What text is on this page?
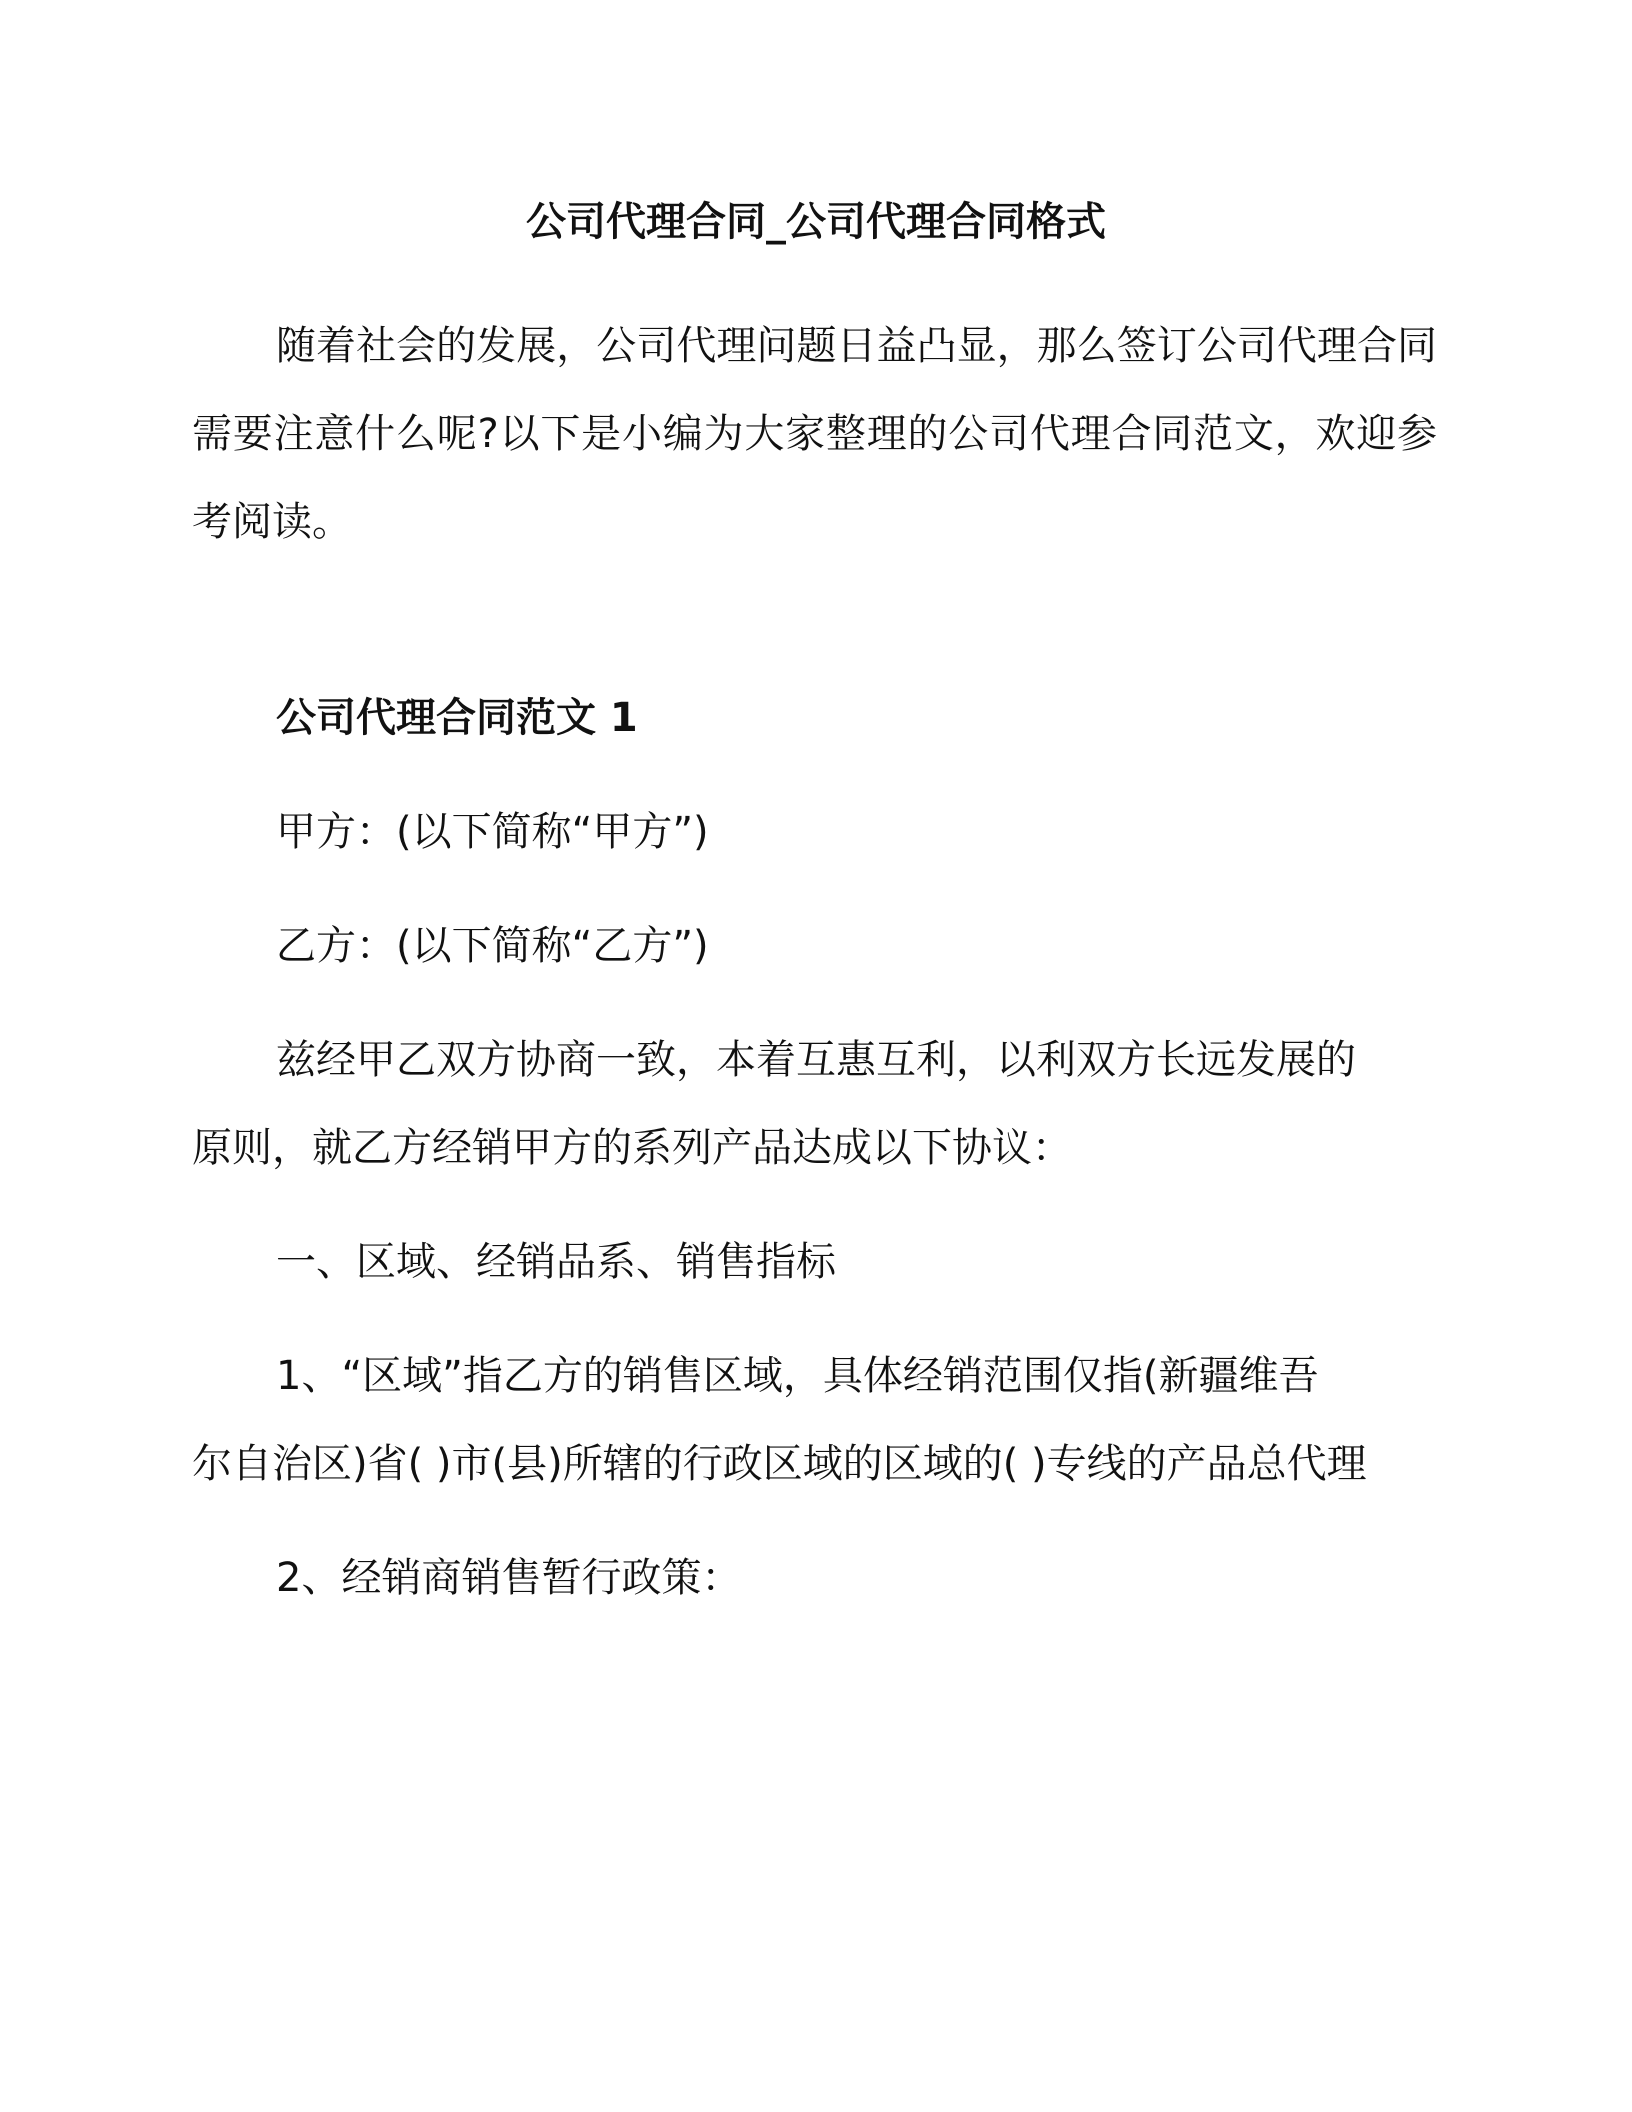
公司代理合同_公司代理合同格式
随着社会的发展，公司代理问题日益凸显，那么签订公司代理合同需要注意什么呢?以下是小编为大家整理的公司代理合同范文，欢迎参考阅读。
公司代理合同范文 1
甲方：(以下简称“甲方”)
乙方：(以下简称“乙方”)
兹经甲乙双方协商一致，本着互惠互利，以利双方长远发展的
原则，就乙方经销甲方的系列产品达成以下协议：
一、区域、经销品系、销售指标
1、“区域”指乙方的销售区域，具体经销范围仅指(新疆维吾
尔自治区)省( )市(县)所辖的行政区域的区域的( )专线的产品总代理
2、经销商销售暂行政策：
